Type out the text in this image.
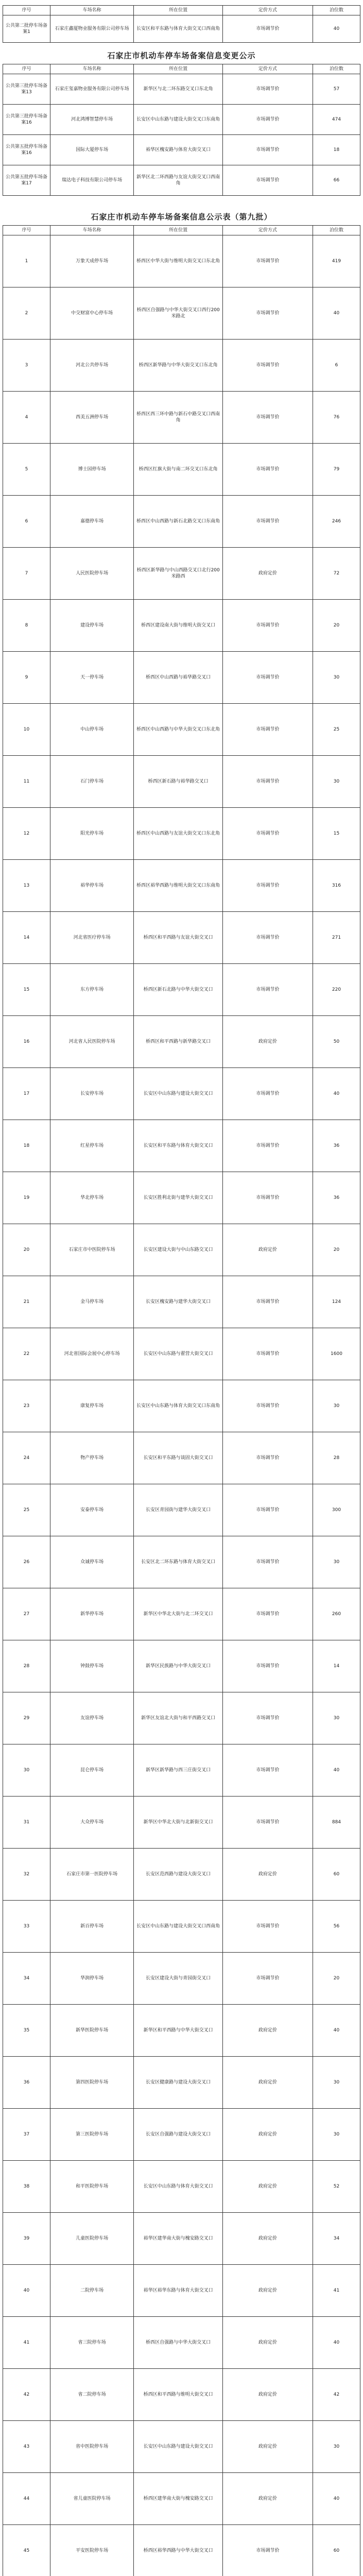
序号	车场名称	所在位置	定价方式	泊位数
公共第二批停车场备案1	石家庄鑫厦物业服务有限公司停车场	长安区和平东路与体育大街交叉口西南角	市场调节价	40
石家庄市机动车停车场备案信息变更公示
序号	车场名称	所在位置	定价方式	泊位数
公共第三批停车场备案13	石家庄玺嘉物业服务有限公司停车场	新华区与北二环东路交叉口东北角	市场调节价	57
公共第三批停车场备案16	河北鸿博智慧停车场	长安区中山东路与建设大街交叉口东南角	市场调节价	474
公共第五批停车场备案16	国际大厦停车场	裕华区槐安路与体育大街交叉口	市场调节价	18
公共第五批停车场备案17	瑞达电子科技有限公司停车场	新华区北二环西路与友谊大街交叉口西南角	市场调节价	66
石家庄市机动车停车场备案信息公示表（第九批）
序号	车场名称	所在位置	定价方式	泊位数
1	万象天成停车场	桥西区中华大街与维明大街交叉口东北角	市场调节价	419
2	中交财富中心停车场	桥西区自强路与中华大街交叉口西行200米路北	市场调节价	40
3	河北公共停车场	桥西区新华路与中华大街交叉口东北角	市场调节价	6
4	西美五洲停车场	桥西区西三环中路与新石中路交叉口西南角	市场调节价	76
5	博士园停车场	桥西区红旗大街与南二环交叉口东北角	市场调节价	79
6	嘉德停车场	桥西区中山西路与新石北路交叉口东南角	市场调节价	246
7	人民医院停车场	桥西区新华路与中山西路交叉口北行200米路西	政府定价	72
8	建设停车场	桥西区建设南大街与维明大街交叉口	市场调节价	20
9	天一停车场	桥西区中山西路与裕华路交叉口	市场调节价	30
10	中山停车场	桥西区中山西路与中华大街交叉口东北角	市场调节价	25
11	石门停车场	桥西区新石路与裕华路交叉口	市场调节价	30
12	阳光停车场	桥西区中山西路与友谊大街交叉口东北角	市场调节价	15
13	裕华停车场	桥西区裕华西路与维明大街交叉口东南角	市场调节价	316
14	河北省医疗停车场	桥西区和平西路与友谊大街交叉口	市场调节价	271
15	东方停车场	桥西区新石北路与中华大街交叉口	市场调节价	220
16	河北省人民医院停车场	桥西区和平西路与新华路交叉口	政府定价	50
17	长安停车场	长安区中山东路与建设大街交叉口	市场调节价	40
18	红星停车场	长安区和平东路与体育大街交叉口	市场调节价	36
19	华北停车场	长安区胜利北街与建华大街交叉口	市场调节价	36
20	石家庄市中医院停车场	长安区建设大街与中山东路交叉口	政府定价	20
21	金马停车场	长安区槐安路与建华大街交叉口	市场调节价	124
22	河北省国际会展中心停车场	长安区中山东路与翟营大街交叉口	市场调节价	1600
23	康复停车场	长安区中山东路与体育大街交叉口东南角	市场调节价	30
24	物产停车场	长安区和平东路与谈固大街交叉口	市场调节价	28
25	安泰停车场	长安区青园街与建华大街交叉口	市场调节价	300
26	众诚停车场	长安区北二环东路与体育大街交叉口	市场调节价	30
27	新华停车场	新华区中华北大街与北二环交叉口	市场调节价	260
28	钟鼓停车场	新华区民族路与中华大街交叉口	市场调节价	14
29	友谊停车场	新华区友谊北大街与和平西路交叉口	市场调节价	30
30	昆仑停车场	新华区新华路与西三庄街交叉口	市场调节价	40
31	大众停车场	新华区中华北大街与北新街交叉口	市场调节价	884
32	石家庄市第一医院停车场	长安区范西路与建设大街交叉口	政府定价	60
33	新百停车场	长安区中山东路与建设大街交叉口西南角	市场调节价	56
34	华润停车场	长安区建设大街与青园街交叉口	市场调节价	20
35	新华医院停车场	新华区和平西路与中华大街交叉口	政府定价	40
36	第四医院停车场	长安区健康路与建设大街交叉口	政府定价	30
37	第三医院停车场	长安区自强路与建设大街交叉口	政府定价	30
38	和平医院停车场	长安区中山东路与体育大街交叉口	政府定价	52
39	儿童医院停车场	裕华区建华南大街与槐安路交叉口	政府定价	34
40	二院停车场	裕华区裕华东路与体育大街交叉口	政府定价	41
41	省三院停车场	桥西区自强路与中华大街交叉口	政府定价	40
42	省二院停车场	桥西区和平西路与维明大街交叉口	政府定价	42
43	省中医院停车场	长安区中山东路与建设大街交叉口	政府定价	30
44	省儿童医院停车场	桥西区建华南大街与槐安路交叉口	政府定价	40
45	平安医院停车场	桥西区裕华西路与中华大街交叉口	市场调节价	60
